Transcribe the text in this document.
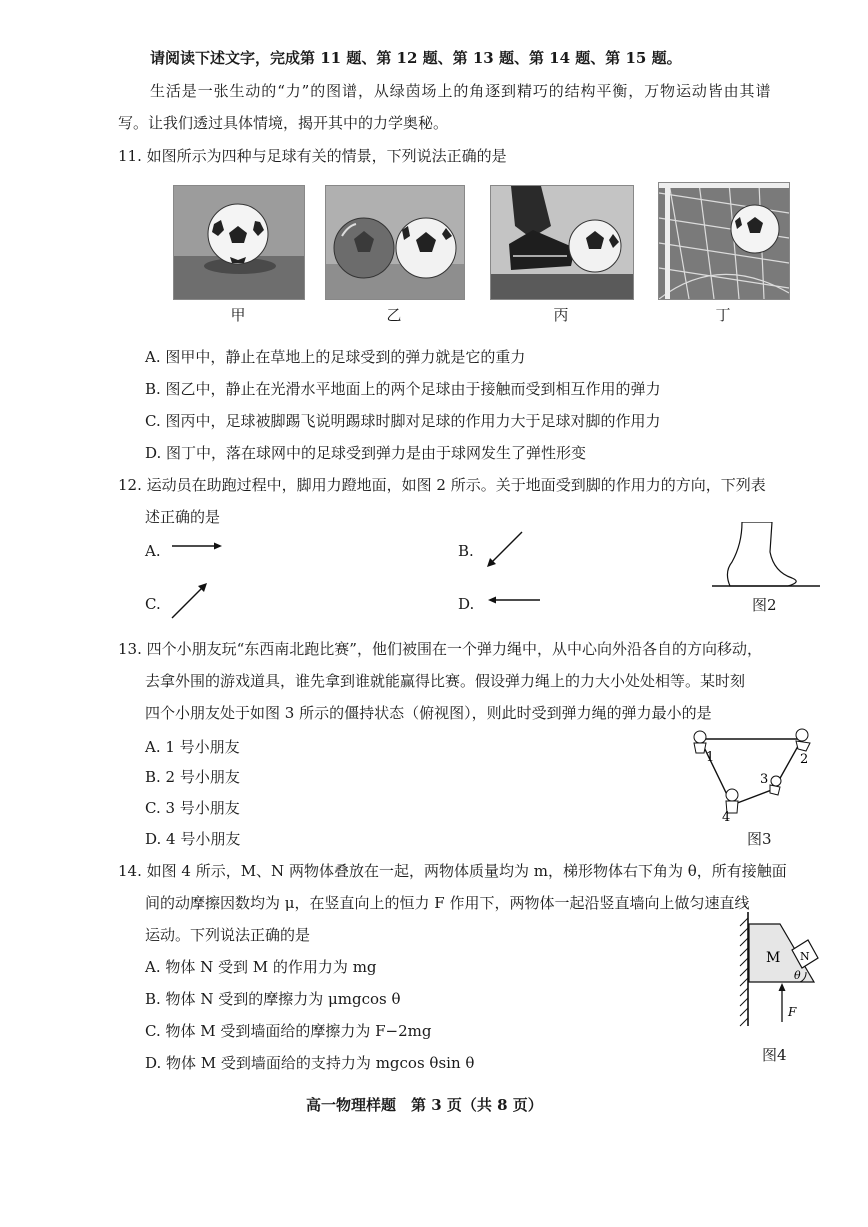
请阅读下述文字，完成第 11 题、第 12 题、第 13 题、第 14 题、第 15 题。
生活是一张生动的“力”的图谱，从绿茵场上的角逐到精巧的结构平衡，万物运动皆由其谱
写。让我们透过具体情境，揭开其中的力学奥秘。
11. 如图所示为四种与足球有关的情景，下列说法正确的是
甲	乙	丙	丁
A. 图甲中，静止在草地上的足球受到的弹力就是它的重力
B. 图乙中，静止在光滑水平地面上的两个足球由于接触而受到相互作用的弹力
C. 图丙中，足球被脚踢飞说明踢球时脚对足球的作用力大于足球对脚的作用力
D. 图丁中，落在球网中的足球受到弹力是由于球网发生了弹性形变
12. 运动员在助跑过程中，脚用力蹬地面，如图 2 所示。关于地面受到脚的作用力的方向，下列表
述正确的是
A.	B.
C.	D.	图2
13. 四个小朋友玩“东西南北跑比赛”，他们被围在一个弹力绳中，从中心向外沿各自的方向移动，
去拿外围的游戏道具，谁先拿到谁就能赢得比赛。假设弹力绳上的力大小处处相等。某时刻
四个小朋友处于如图 3 所示的僵持状态（俯视图），则此时受到弹力绳的弹力最小的是
A. 1 号小朋友
B. 2 号小朋友
C. 3 号小朋友
D. 4 号小朋友
1	2
3
4
图3
14. 如图 4 所示，M、N 两物体叠放在一起，两物体质量均为 m，梯形物体右下角为 θ，所有接触面
间的动摩擦因数均为 μ，在竖直向上的恒力 F 作用下，两物体一起沿竖直墙向上做匀速直线
运动。下列说法正确的是
A. 物体 N 受到 M 的作用力为 mg
B. 物体 N 受到的摩擦力为 μmgcos θ
C. 物体 M 受到墙面给的摩擦力为 F−2mg
D. 物体 M 受到墙面给的支持力为 mgcos θsin θ
M N
θ
F
图4
高一物理样题　第 3 页（共 8 页）
